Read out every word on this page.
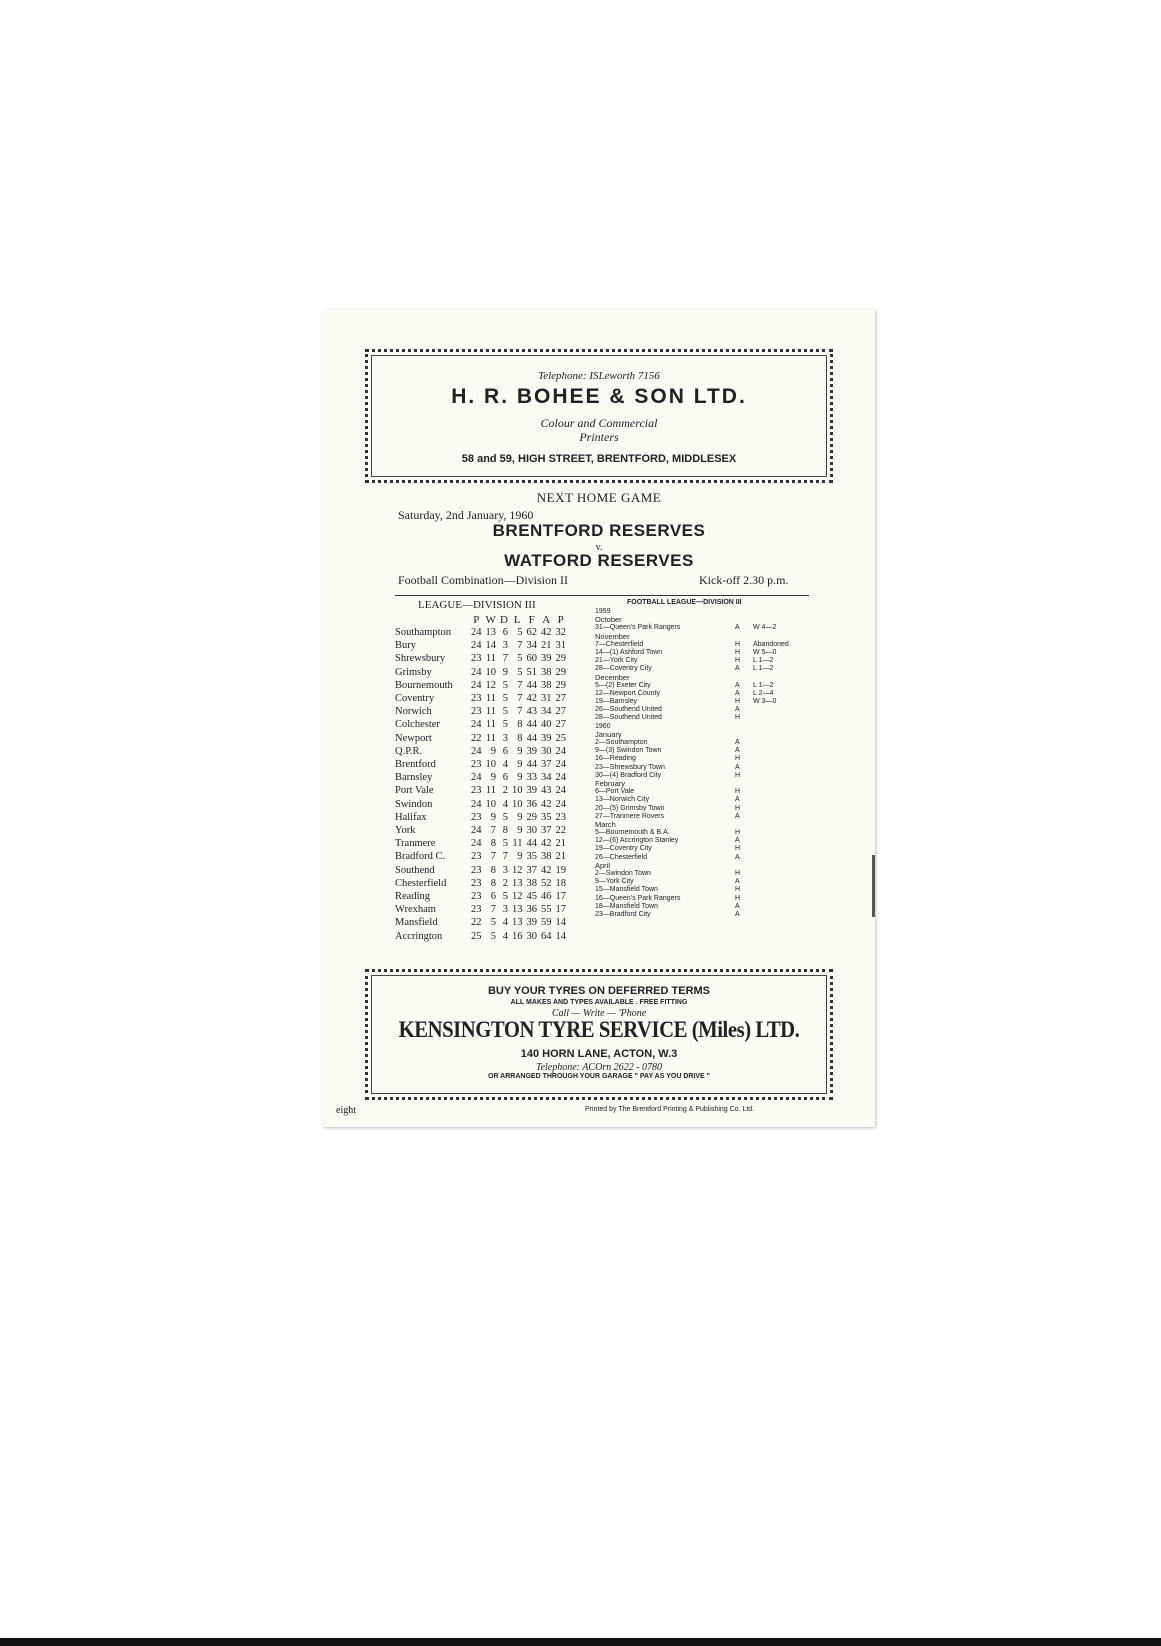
Telephone: ISLeworth 7156
H. R. BOHEE & SON LTD.
Colour and Commercial
Printers
58 and 59, HIGH STREET, BRENTFORD, MIDDLESEX
NEXT HOME GAME
Saturday, 2nd January, 1960
BRENTFORD RESERVES
v.
WATFORD RESERVES
Football Combination—Division II	Kick-off 2.30 p.m.
LEAGUE—DIVISION III
	P	W	D	L	F	A	P
Southampton	24	13	6	5	62	42	32
Bury	24	14	3	7	34	21	31
Shrewsbury	23	11	7	5	60	39	29
Grimsby	24	10	9	5	51	38	29
Bournemouth	24	12	5	7	44	38	29
Coventry	23	11	5	7	42	31	27
Norwich	23	11	5	7	43	34	27
Colchester	24	11	5	8	44	40	27
Newport	22	11	3	8	44	39	25
Q.P.R.	24	9	6	9	39	30	24
Brentford	23	10	4	9	44	37	24
Barnsley	24	9	6	9	33	34	24
Port Vale	23	11	2	10	39	43	24
Swindon	24	10	4	10	36	42	24
Halifax	23	9	5	9	29	35	23
York	24	7	8	9	30	37	22
Tranmere	24	8	5	11	44	42	21
Bradford C.	23	7	7	9	35	38	21
Southend	23	8	3	12	37	42	19
Chesterfield	23	8	2	13	38	52	18
Reading	23	6	5	12	45	46	17
Wrexham	23	7	3	13	36	55	17
Mansfield	22	5	4	13	39	59	14
Accrington	25	5	4	16	30	64	14
FOOTBALL LEAGUE—DIVISION III
1959
October
31—Queen's Park Rangers	A W 4—2
November
7—Chesterfield	H Abandoned
14—(1) Ashford Town	H W 5—0
21—York City	H L 1—2
28—Coventry City	A L 1—2
December
5—(2) Exeter City	A L 1—2
12—Newport County	A L 2—4
19—Barnsley	H W 3—0
26—Southend United	A
28—Southend United	H
1960
January
2—Southampton	A
9—(3) Swindon Town	A
16—Reading	H
23—Shrewsbury Town	A
30—(4) Bradford City	H
February
6—Port Vale	H
13—Norwich City	A
20—(5) Grimsby Town	H
27—Tranmere Rovers	A
March
5—Bournemouth & B.A.	H
12—(6) Accrington Stanley	A
19—Coventry City	H
26—Chesterfield	A
April
2—Swindon Town	H
9—York City	A
15—Mansfield Town	H
16—Queen's Park Rangers	H
18—Mansfield Town	A
23—Bradford City	A
BUY YOUR TYRES ON DEFERRED TERMS
ALL MAKES AND TYPES AVAILABLE . FREE FITTING
Call — Write — 'Phone
KENSINGTON TYRE SERVICE (Miles) LTD.
140 HORN LANE, ACTON, W.3
Telephone: ACOrn 2622 - 0780
OR ARRANGED THROUGH YOUR GARAGE " PAY AS YOU DRIVE "
eight	Printed by The Brentford Printing & Publishing Co. Ltd.
